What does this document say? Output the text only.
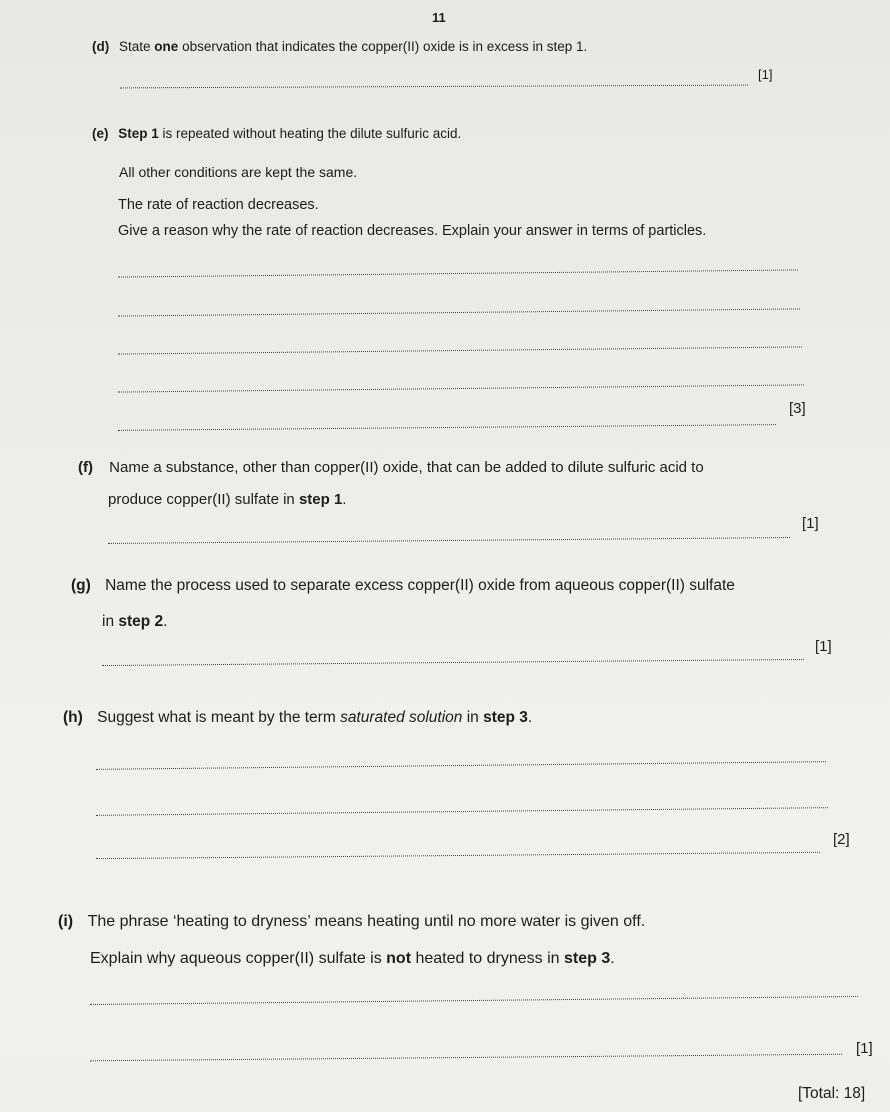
11
(d) State one observation that indicates the copper(II) oxide is in excess in step 1.
[1]
(e) Step 1 is repeated without heating the dilute sulfuric acid.
All other conditions are kept the same.
The rate of reaction decreases.
Give a reason why the rate of reaction decreases. Explain your answer in terms of particles.
[3]
(f) Name a substance, other than copper(II) oxide, that can be added to dilute sulfuric acid to
produce copper(II) sulfate in step 1.
[1]
(g) Name the process used to separate excess copper(II) oxide from aqueous copper(II) sulfate
in step 2.
[1]
(h) Suggest what is meant by the term saturated solution in step 3.
[2]
(i) The phrase ‘heating to dryness’ means heating until no more water is given off.
Explain why aqueous copper(II) sulfate is not heated to dryness in step 3.
[1]
[Total: 18]
